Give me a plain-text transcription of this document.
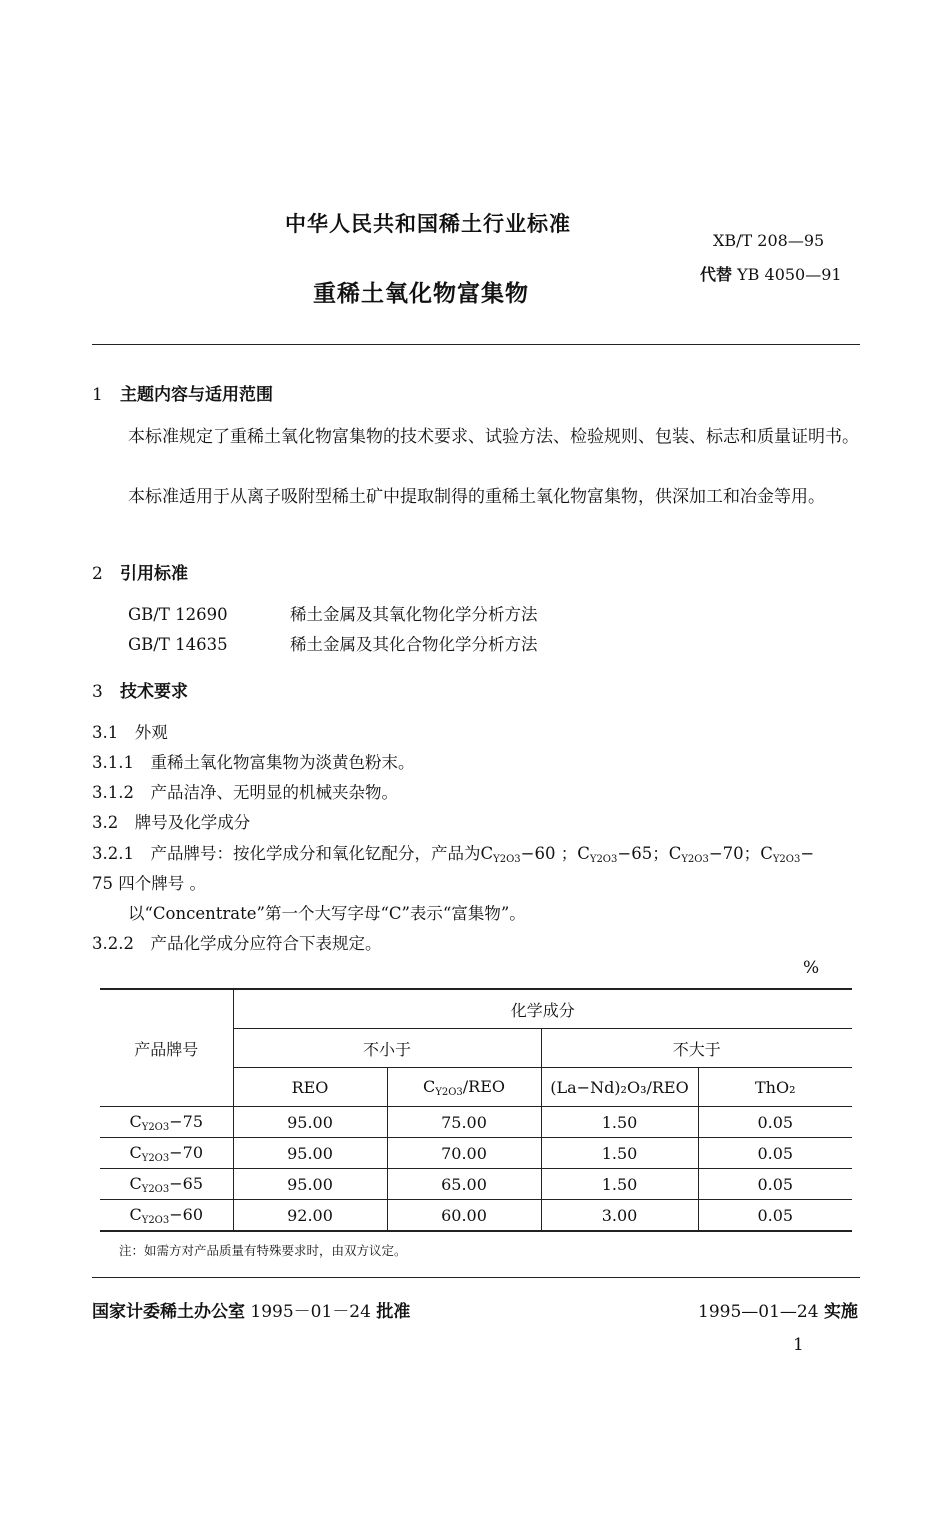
中华人民共和国稀土行业标准
XB/T 208—95
代替 YB 4050—91
重稀土氧化物富集物
1 主题内容与适用范围
本标准规定了重稀土氧化物富集物的技术要求、试验方法、检验规则、包装、标志和质量证明书。
本标准适用于从离子吸附型稀土矿中提取制得的重稀土氧化物富集物，供深加工和冶金等用。
2 引用标准
GB/T 12690	稀土金属及其氧化物化学分析方法
GB/T 14635	稀土金属及其化合物化学分析方法
3 技术要求
3.1　外观
3.1.1　重稀土氧化物富集物为淡黄色粉末。
3.1.2　产品洁净、无明显的机械夹杂物。
3.2　牌号及化学成分
3.2.1　产品牌号：按化学成分和氧化钇配分，产品为$C_{Y2O3}-60$ ；$C_{Y2O3}-65$；$C_{Y2O3}-70$；$C_{Y2O3}-$
75 四个牌号 。
以“Concentrate”第一个大写字母“C”表示“富集物”。
3.2.2　产品化学成分应符合下表规定。
%
产品牌号	化学成分			
	不小于		不大于	
	REO	$C_{Y2O3}$/REO	(La−Nd)₂O₃/REO	ThO₂
$C_{Y2O3}-75$	95.00	75.00	1.50	0.05
$C_{Y2O3}-70$	95.00	70.00	1.50	0.05
$C_{Y2O3}-65$	95.00	65.00	1.50	0.05
$C_{Y2O3}-60$	92.00	60.00	3.00	0.05
注：如需方对产品质量有特殊要求时，由双方议定。
国家计委稀土办公室 1995－01－24 批准	1995—01—24 实施
1
